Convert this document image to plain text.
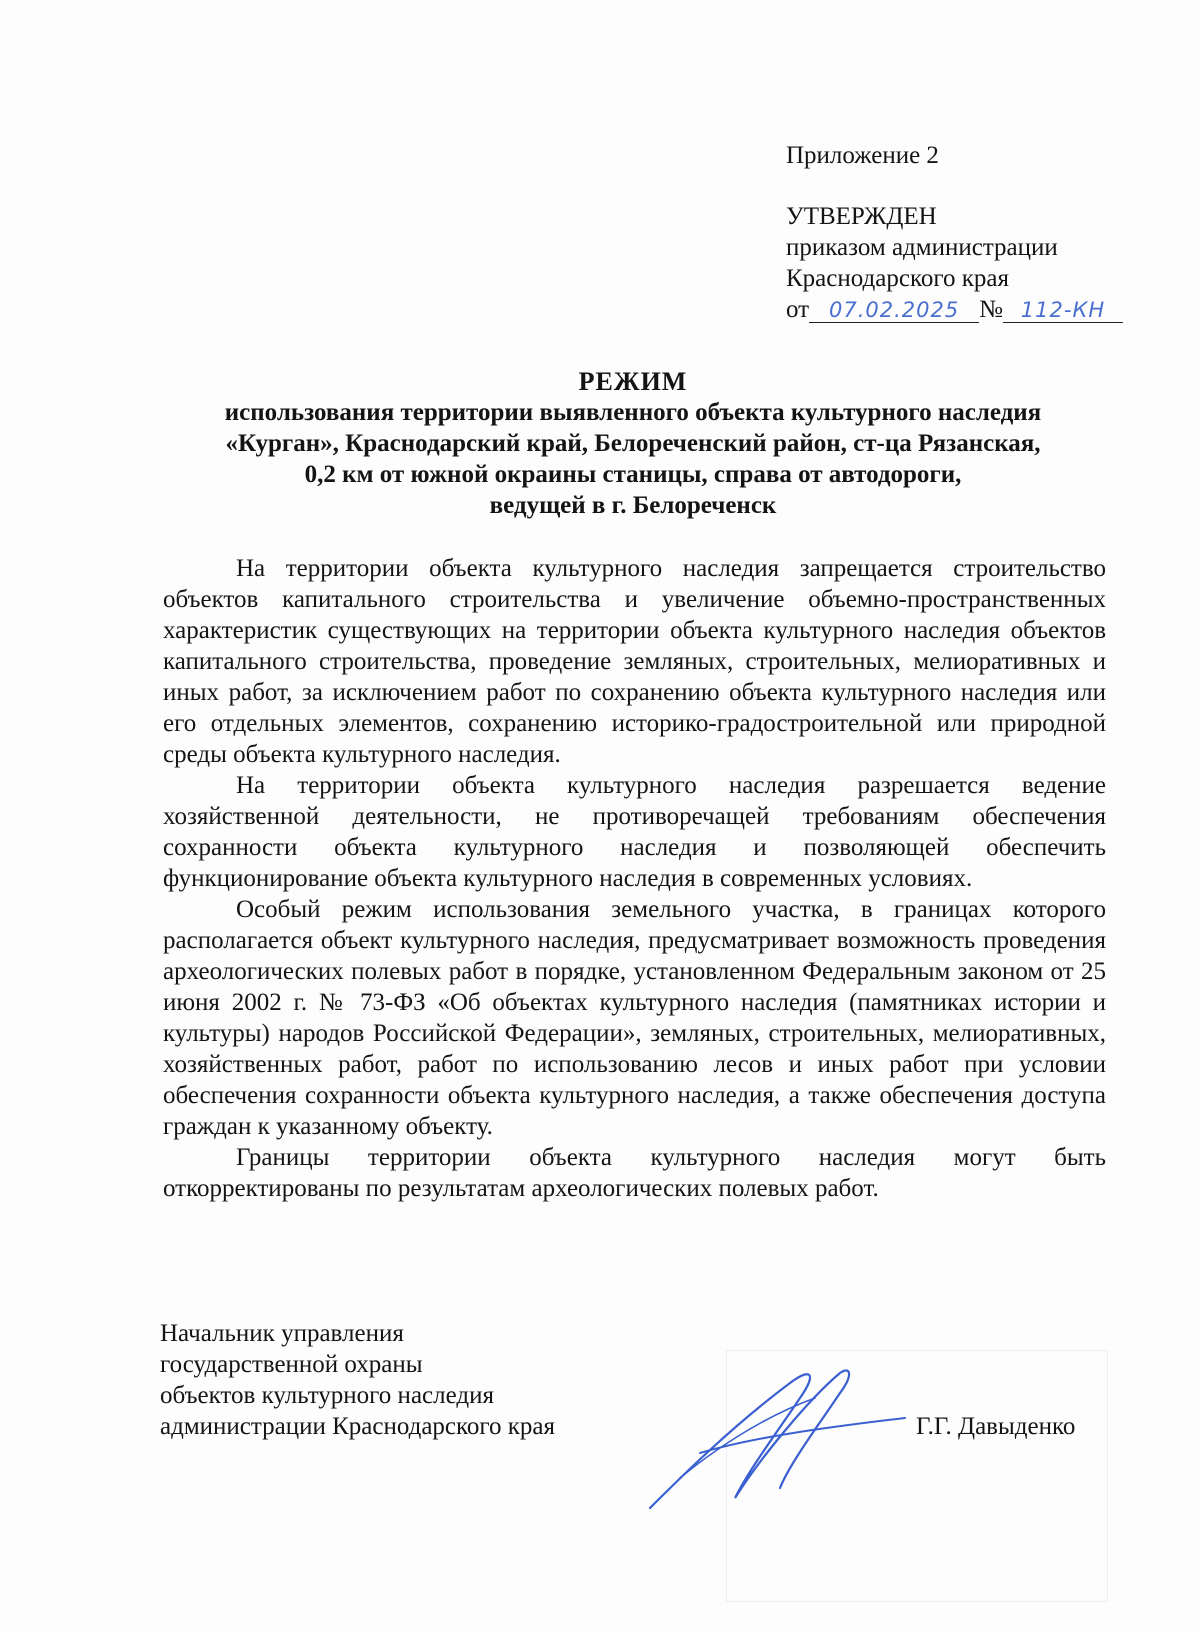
Приложение 2
УТВЕРЖДЕН
приказом администрации
Краснодарского края
от 07.02.2025 № 112-КН
РЕЖИМ
использования территории выявленного объекта культурного наследия
«Курган», Краснодарский край, Белореченский район, ст-ца Рязанская,
0,2 км от южной окраины станицы, справа от автодороги,
ведущей в г. Белореченск

На территории объекта культурного наследия запрещается строительство объектов капитального строительства и увеличение объемно-пространственных характеристик существующих на территории объекта культурного наследия объектов капитального строительства, проведение земляных, строительных, мелиоративных и иных работ, за исключением работ по сохранению объекта культурного наследия или его отдельных элементов, сохранению историко-градостроительной или природной среды объекта культурного наследия.

На территории объекта культурного наследия разрешается ведение хозяйственной деятельности, не противоречащей требованиям обеспечения сохранности объекта культурного наследия и позволяющей обеспечить функционирование объекта культурного наследия в современных условиях.

Особый режим использования земельного участка, в границах которого располагается объект культурного наследия, предусматривает возможность проведения археологических полевых работ в порядке, установленном Федеральным законом от 25 июня 2002 г. № 73-ФЗ «Об объектах культурного наследия (памятниках истории и культуры) народов Российской Федерации», земляных, строительных, мелиоративных, хозяйственных работ, работ по использованию лесов и иных работ при условии обеспечения сохранности объекта культурного наследия, а также обеспечения доступа граждан к указанному объекту.

Границы территории объекта культурного наследия могут быть откорректированы по результатам археологических полевых работ.

Начальник управления
государственной охраны
объектов культурного наследия
администрации Краснодарского края	Г.Г. Давыденко
